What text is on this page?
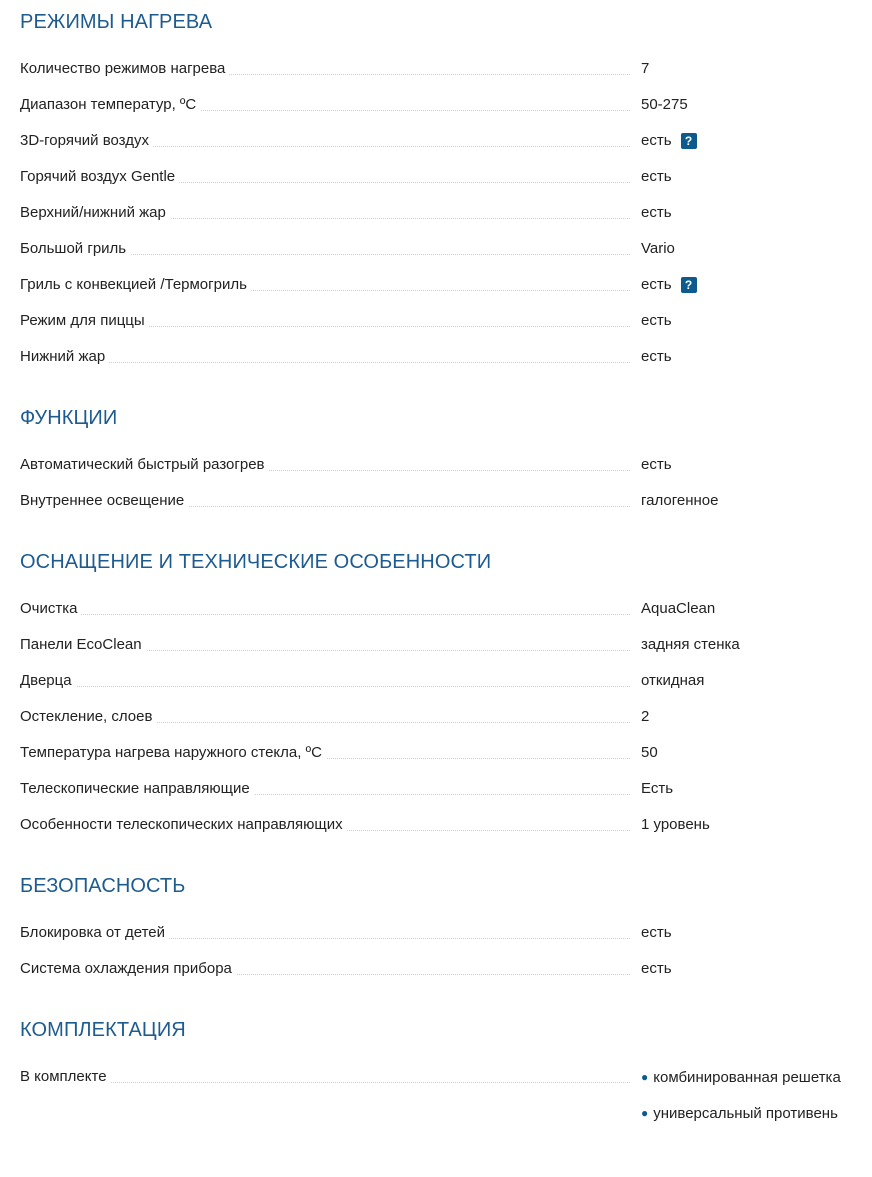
РЕЖИМЫ НАГРЕВА
Количество режимов нагрева	7
Диапазон температур, ºС	50-275
3D-горячий воздух	есть	?
Горячий воздух Gentle	есть
Верхний/нижний жар	есть
Большой гриль	Vario
Гриль с конвекцией /Термогриль	есть	?
Режим для пиццы	есть
Нижний жар	есть
ФУНКЦИИ
Автоматический быстрый разогрев	есть
Внутреннее освещение	галогенное
ОСНАЩЕНИЕ И ТЕХНИЧЕСКИЕ ОСОБЕННОСТИ
Очистка	AquaClean
Панели EcoClean	задняя стенка
Дверца	откидная
Остекление, слоев	2
Температура нагрева наружного стекла, ºС	50
Телескопические направляющие	Есть
Особенности телескопических направляющих	1 уровень
БЕЗОПАСНОСТЬ
Блокировка от детей	есть
Система охлаждения прибора	есть
КОМПЛЕКТАЦИЯ
В комплекте	● комбинированная решетка
● универсальный противень
